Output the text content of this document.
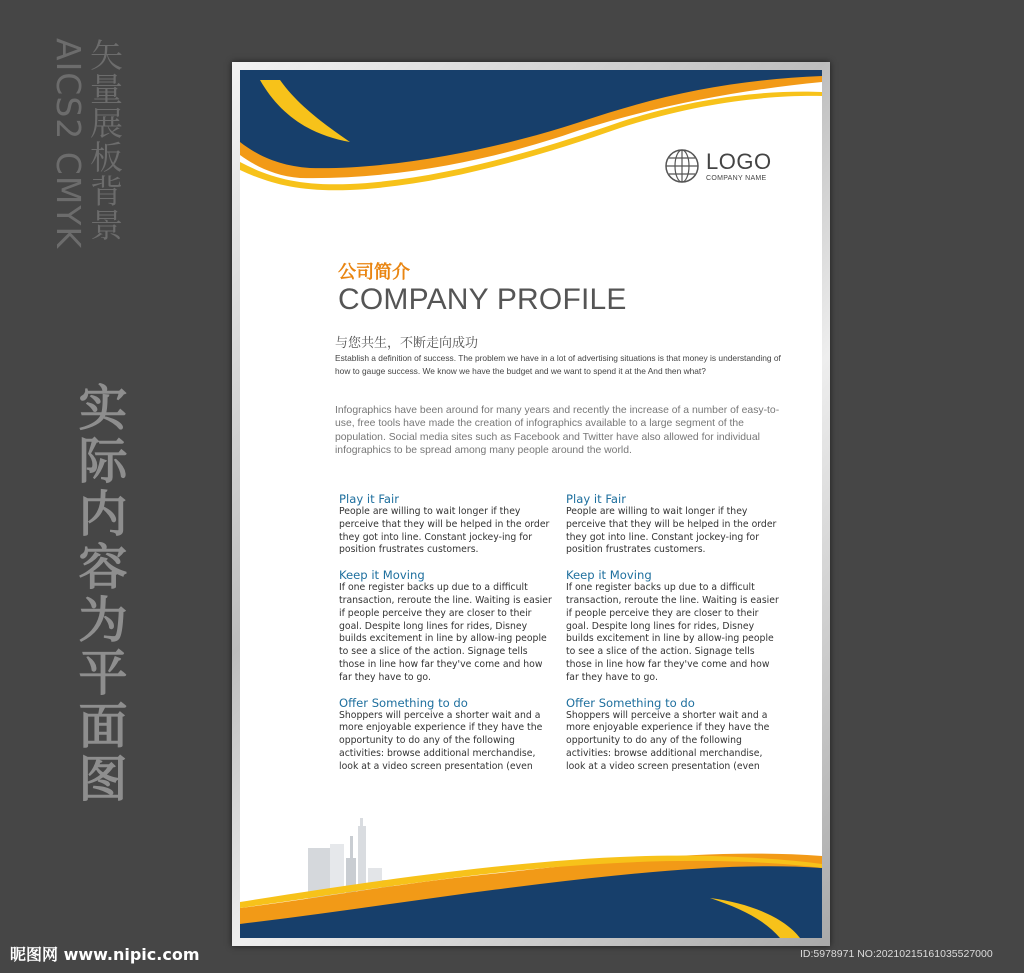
矢量展板背景
AICS2 CMYK
实际内容为平面图
LOGO
COMPANY NAME
公司简介
COMPANY PROFILE
与您共生，不断走向成功
Establish a definition of success. The problem we have in a lot of advertising situations is that money is understanding of how to gauge success. We know we have the budget and we want to spend it at the And then what?
Infographics have been around for many years and recently the increase of a number of easy-to-use, free tools have made the creation of infographics available to a large segment of the population. Social media sites such as Facebook and Twitter have also allowed for individual infographics to be spread among many people around the world.
Play it Fair
People are willing to wait longer if they perceive that they will be helped in the order they got into line. Constant jockey-ing for position frustrates customers.
Keep it Moving
If one register backs up due to a difficult transaction, reroute the line. Waiting is easier if people perceive they are closer to their goal. Despite long lines for rides, Disney builds excitement in line by allow-ing people to see a slice of the action. Signage tells those in line how far they've come and how far they have to go.
Offer Something to do
Shoppers will perceive a shorter wait and a more enjoyable experience if they have the opportunity to do any of the following activities: browse additional merchandise, look at a video screen presentation (even
Play it Fair
People are willing to wait longer if they perceive that they will be helped in the order they got into line. Constant jockey-ing for position frustrates customers.
Keep it Moving
If one register backs up due to a difficult transaction, reroute the line. Waiting is easier if people perceive they are closer to their goal. Despite long lines for rides, Disney builds excitement in line by allow-ing people to see a slice of the action. Signage tells those in line how far they've come and how far they have to go.
Offer Something to do
Shoppers will perceive a shorter wait and a more enjoyable experience if they have the opportunity to do any of the following activities: browse additional merchandise, look at a video screen presentation (even
昵图网 www.nipic.com	ID:5978971 NO:20210215161035527000
